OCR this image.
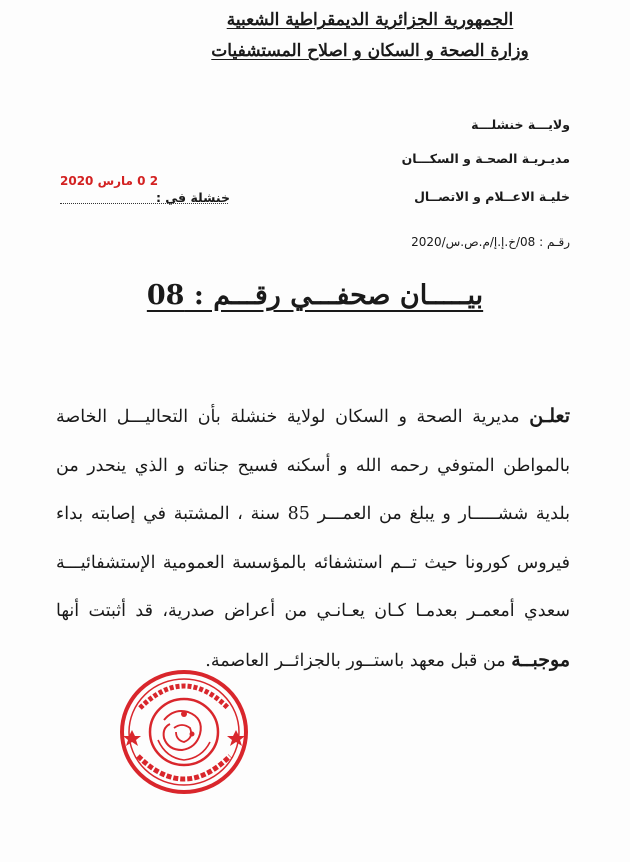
الجمهورية الجزائرية الديمقراطية الشعبية
وزارة الصحة و السكان و اصلاح المستشفيات
ولايـــة خنشلـــة
مديـريـة الصحـة و السكـــان
خليـة الاعــلام و الاتصــال
رقـم : 08/خ.إ.إ/م.ص.س/2020
خنشلة في :
2 0 مارس 2020
بيـــــان صحفـــي رقـــم : 08
تعلـن مديرية الصحة و السكان لولاية خنشلة بأن التحاليـــل الخاصة بالمواطن المتوفي رحمه الله و أسكنه فسيح جناته و الذي ينحدر من بلدية ششـــــار و يبلغ من العمـــر 85 سنة ، المشتبة في إصابته بداء فيروس كورونا حيث تــم استشفائه بالمؤسسة العمومية الإستشفائيـــة سعدي أمعمـر بعدمـا كـان يعـانـي من أعراض صدرية، قد أثبتت أنها موجبــة من قبل معهد باستــور بالجزائــر العاصمة.
